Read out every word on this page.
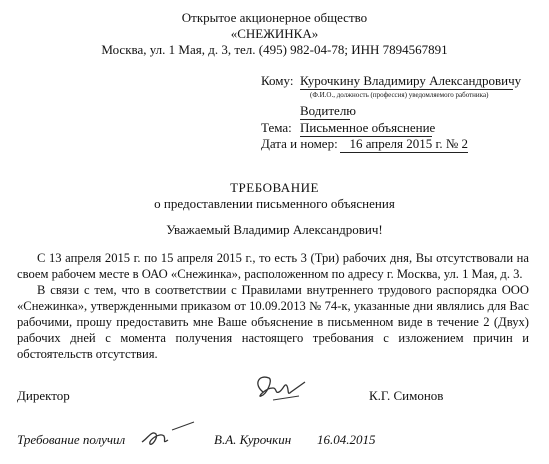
Открытое акционерное общество
«СНЕЖИНКА»
Москва, ул. 1 Мая, д. 3, тел. (495) 982-04-78; ИНН 7894567891
Кому: Курочкину Владимиру Александровичу
(Ф.И.О., должность (профессия) уведомляемого работника)
Водителю
Тема: Письменное объяснение
Дата и номер: 16 апреля 2015 г. № 2
ТРЕБОВАНИЕ
о предоставлении письменного объяснения
Уважаемый Владимир Александрович!

С 13 апреля 2015 г. по 15 апреля 2015 г., то есть 3 (Три) рабочих дня, Вы отсутствовали на своем рабочем месте в ОАО «Снежинка», расположенном по адресу г. Москва, ул. 1 Мая, д. 3.

В связи с тем, что в соответствии с Правилами внутреннего трудового распорядка ООО «Снежинка», утвержденными приказом от 10.09.2013 № 74-к, указанные дни являлись для Вас рабочими, прошу предоставить мне Ваше объяснение в письменном виде в течение 2 (Двух) рабочих дней с момента получения настоящего требования с изложением причин и обстоятельств отсутствия.

Директор	К.Г. Симонов
Требование получил	В.А. Курочкин 16.04.2015
